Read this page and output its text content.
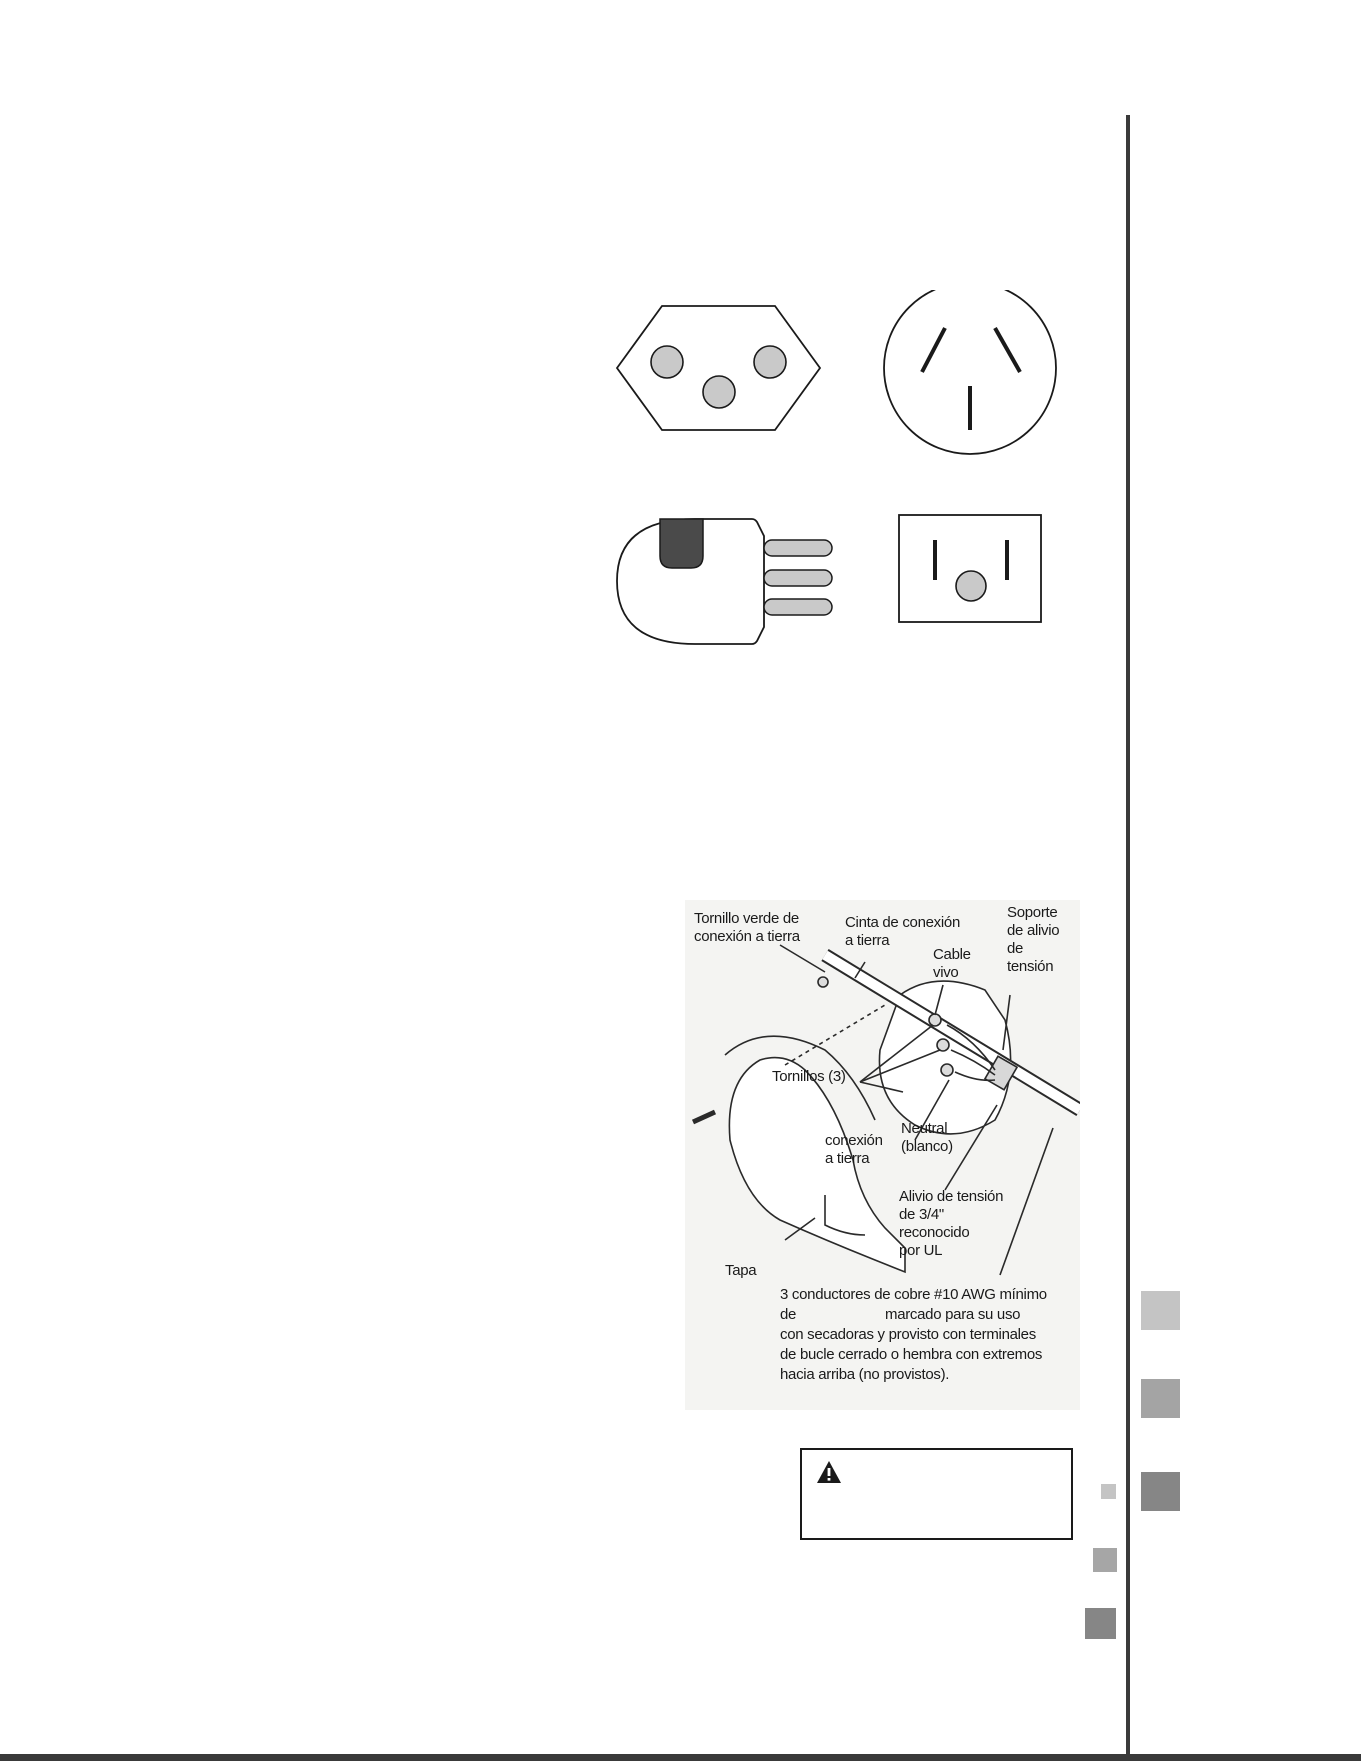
Tornillo verde de
conexión a tierra
Cinta de conexión
a tierra
Soporte
de alivio
de
tensión
Cable
vivo
Tornillos (3)
conexión
a tierra
Neutral
(blanco)
Alivio de tensión
de 3/4"
reconocido
por UL
Tapa
3 conductores de cobre #10 AWG mínimo
de	marcado para su uso
con secadoras y provisto con terminales
de bucle cerrado o hembra con extremos
hacia arriba (no provistos).
